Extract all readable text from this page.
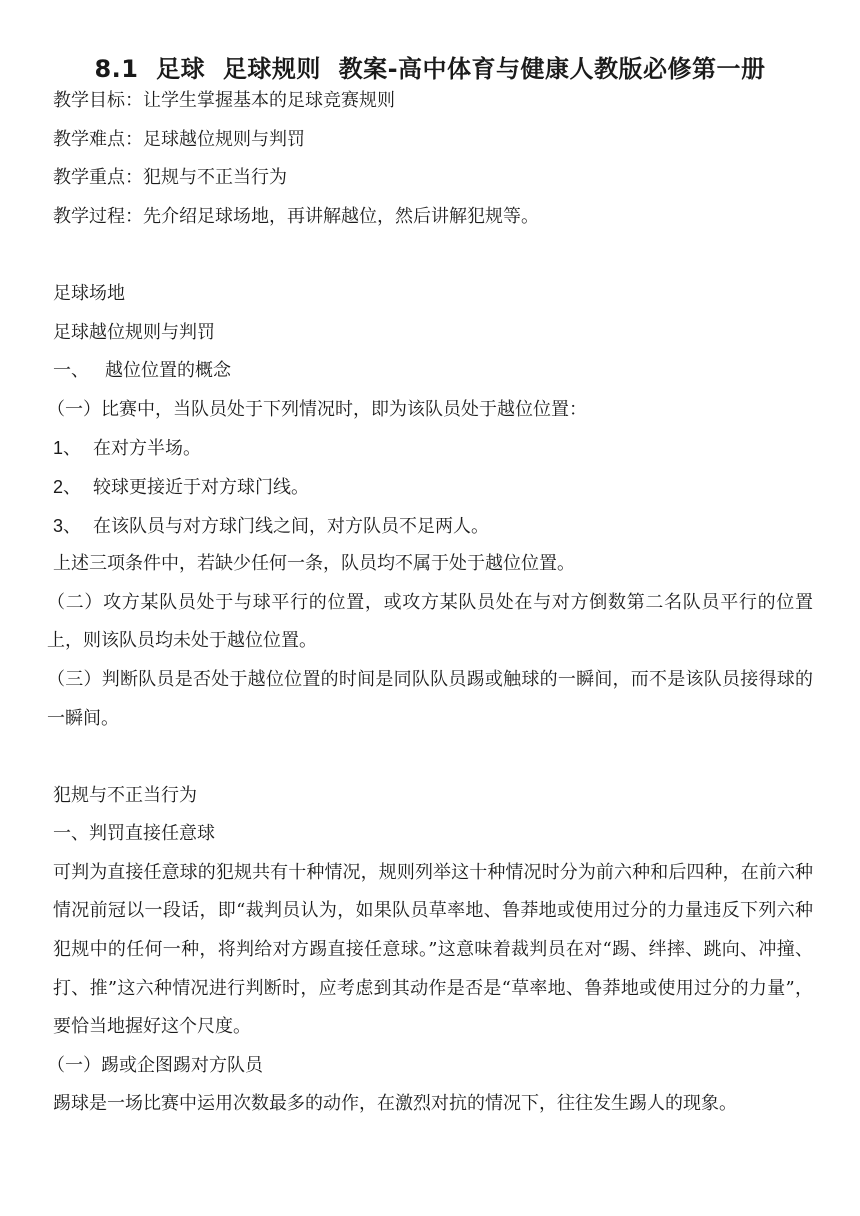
8.1  足球  足球规则  教案-高中体育与健康人教版必修第一册
教学目标：让学生掌握基本的足球竞赛规则
教学难点：足球越位规则与判罚
教学重点：犯规与不正当行为
教学过程：先介绍足球场地，再讲解越位，然后讲解犯规等。
足球场地
足球越位规则与判罚
一、 越位位置的概念
（一）比赛中，当队员处于下列情况时，即为该队员处于越位位置：
1、 在对方半场。
2、 较球更接近于对方球门线。
3、 在该队员与对方球门线之间，对方队员不足两人。
上述三项条件中，若缺少任何一条，队员均不属于处于越位位置。
（二）攻方某队员处于与球平行的位置，或攻方某队员处在与对方倒数第二名队员平行的位置上，则该队员均未处于越位位置。
（三）判断队员是否处于越位位置的时间是同队队员踢或触球的一瞬间，而不是该队员接得球的一瞬间。
犯规与不正当行为
一、判罚直接任意球
可判为直接任意球的犯规共有十种情况，规则列举这十种情况时分为前六种和后四种，在前六种情况前冠以一段话，即“裁判员认为，如果队员草率地、鲁莽地或使用过分的力量违反下列六种犯规中的任何一种，将判给对方踢直接任意球。”这意味着裁判员在对“踢、绊摔、跳向、冲撞、打、推”这六种情况进行判断时，应考虑到其动作是否是“草率地、鲁莽地或使用过分的力量”，要恰当地握好这个尺度。
（一）踢或企图踢对方队员
踢球是一场比赛中运用次数最多的动作，在激烈对抗的情况下，往往发生踢人的现象。
